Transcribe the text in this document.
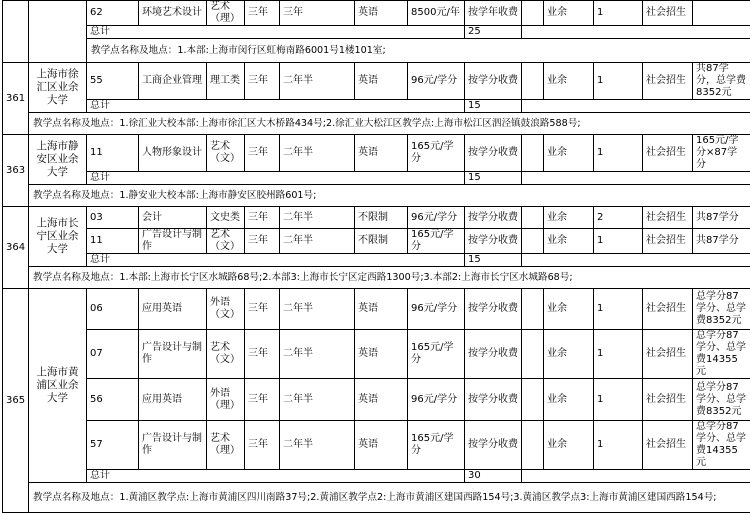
		62	环境艺术设计	艺术（理）	三年	三年	英语	8500元/年	按学年收费		业余	1	社会招生	
		总计							25					
		教学点名称及地点：1.本部:上海市闵行区虹梅南路6001号1楼101室;												
361	上海市徐汇区业余大学	55	工商企业管理	理工类	三年	二年半	英语	96元/学分	按学分收费		业余	1	社会招生	共87学分，总学费8352元
		总计							15					
	教学点名称及地点：1.徐汇业大校本部:上海市徐汇区大木桥路434号;2.徐汇业大松江区教学点:上海市松江区泗泾镇鼓浪路588号;													
363	上海市静安区业余大学	11	人物形象设计	艺术（文）	三年	二年半	英语	165元/学分	按学分收费		业余	1	社会招生	165元/学分×87学分
		总计							15					
	教学点名称及地点：1.静安业大校本部:上海市静安区胶州路601号;													
364	上海市长宁区业余大学	03	会计	文史类	三年	二年半	不限制	96元/学分	按学分收费		业余	2	社会招生	共87学分
		11	广告设计与制作	艺术（文）	三年	二年半	不限制	165元/学分	按学分收费		业余	1	社会招生	共87学分
		总计							15					
	教学点名称及地点：1.本部:上海市长宁区水城路68号;2.本部3:上海市长宁区定西路1300号;3.本部2:上海市长宁区水城路68号;													
365	上海市黄浦区业余大学	06	应用英语	外语（文）	三年	二年半	英语	96元/学分	按学分收费		业余	1	社会招生	总学分87学分、总学费8352元
		07	广告设计与制作	艺术（文）	三年	二年半	英语	165元/学分	按学分收费		业余	1	社会招生	总学分87学分、总学费14355元
		56	应用英语	外语（理）	三年	二年半	英语	96元/学分	按学分收费		业余	1	社会招生	总学分87学分、总学费8352元
		57	广告设计与制作	艺术（理）	三年	二年半	英语	165元/学分	按学分收费		业余	1	社会招生	总学分87学分、总学费14355元
		总计							30					
	教学点名称及地点：1.黄浦区教学点:上海市黄浦区四川南路37号;2.黄浦区教学点2:上海市黄浦区建国西路154号;3.黄浦区教学点3:上海市黄浦区建国西路154号;													
